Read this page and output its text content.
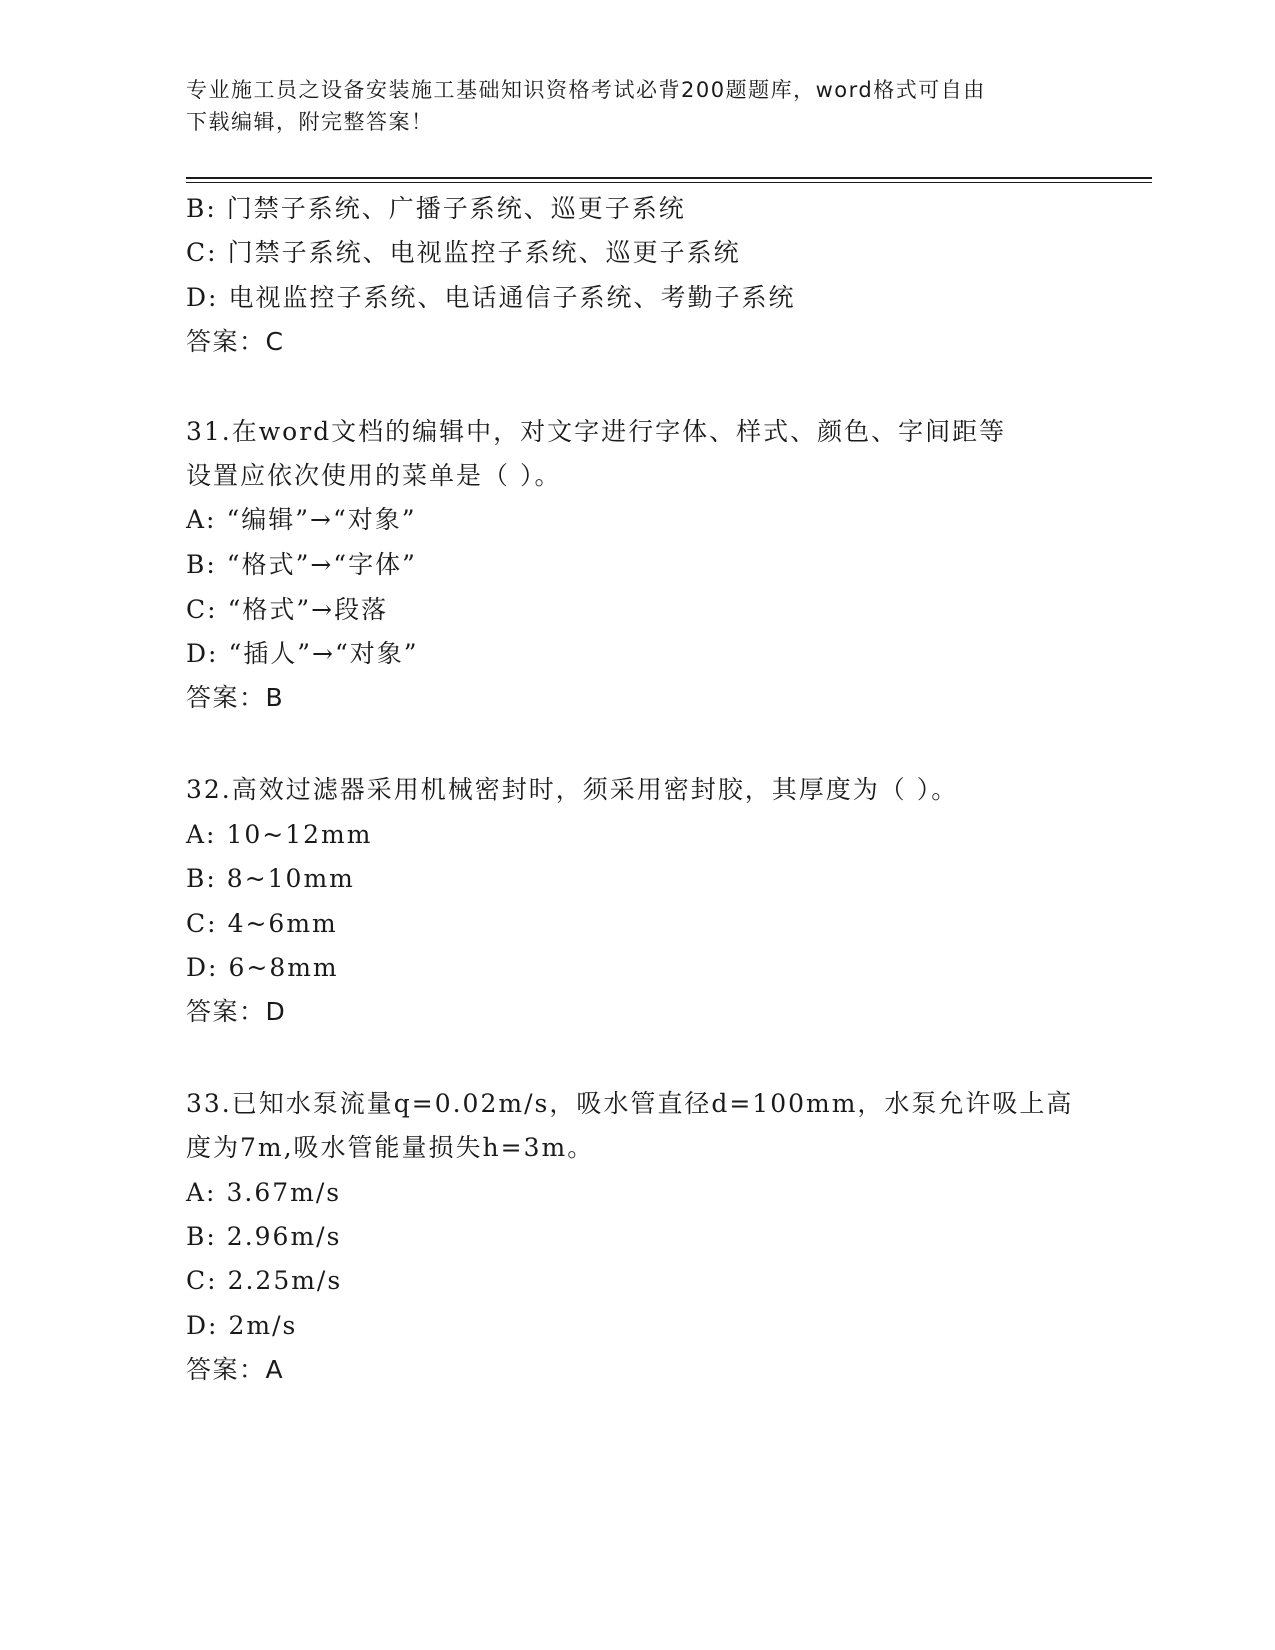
专业施工员之设备安装施工基础知识资格考试必背200题题库，word格式可自由
下载编辑，附完整答案！
B: 门禁子系统、广播子系统、巡更子系统
C: 门禁子系统、电视监控子系统、巡更子系统
D: 电视监控子系统、电话通信子系统、考勤子系统
答案：C
31.在word文档的编辑中，对文字进行字体、样式、颜色、字间距等
设置应依次使用的菜单是（ ）。
A: “编辑”→“对象”
B: “格式”→“字体”
C: “格式”→段落
D: “插人”→“对象”
答案：B
32.高效过滤器采用机械密封时，须采用密封胶，其厚度为（ ）。
A: 10~12mm
B: 8~10mm
C: 4~6mm
D: 6~8mm
答案：D
33.已知水泵流量q=0.02m/s，吸水管直径d=100mm，水泵允许吸上高
度为7m,吸水管能量损失h=3m。
A: 3.67m/s
B: 2.96m/s
C: 2.25m/s
D: 2m/s
答案：A
